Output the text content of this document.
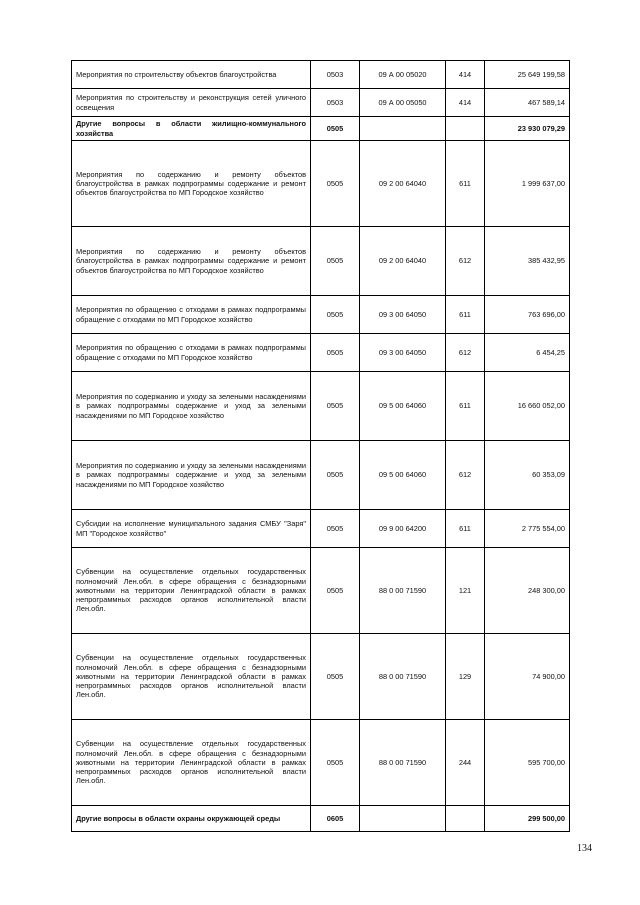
Мероприятия по строительству объектов благоустройства	0503	09 А 00 05020	414	25 649 199,58
Мероприятия по строительству и реконструкция сетей уличного освещения	0503	09 А 00 05050	414	467 589,14
Другие вопросы в области жилищно-коммунального хозяйства	0505			23 930 079,29
Мероприятия по содержанию и ремонту объектов благоустройства в рамках подпрограммы содержание и ремонт объектов благоустройства по МП Городское хозяйство	0505	09 2 00 64040	611	1 999 637,00
Мероприятия по содержанию и ремонту объектов благоустройства в рамках подпрограммы содержание и ремонт объектов благоустройства по МП Городское хозяйство	0505	09 2 00 64040	612	385 432,95
Мероприятия по обращению с отходами в рамках подпрограммы обращение с отходами по МП Городское хозяйство	0505	09 3 00 64050	611	763 696,00
Мероприятия по обращению с отходами в рамках подпрограммы обращение с отходами по МП Городское хозяйство	0505	09 3 00 64050	612	6 454,25
Мероприятия по содержанию и уходу за зелеными насаждениями в рамках подпрограммы содержание и уход за зелеными насаждениями по МП Городское хозяйство	0505	09 5 00 64060	611	16 660 052,00
Мероприятия по содержанию и уходу за зелеными насаждениями в рамках подпрограммы содержание и уход за зелеными насаждениями по МП Городское хозяйство	0505	09 5 00 64060	612	60 353,09
Субсидии на исполнение муниципального задания СМБУ "Заря" МП "Городское хозяйство"	0505	09 9 00 64200	611	2 775 554,00
Субвенции на осуществление отдельных государственных полномочий Лен.обл. в сфере обращения с безнадзорными животными на территории Ленинградской области в рамках непрограммных расходов органов исполнительной власти Лен.обл.	0505	88 0 00 71590	121	248 300,00
Субвенции на осуществление отдельных государственных полномочий Лен.обл. в сфере обращения с безнадзорными животными на территории Ленинградской области в рамках непрограммных расходов органов исполнительной власти Лен.обл.	0505	88 0 00 71590	129	74 900,00
Субвенции на осуществление отдельных государственных полномочий Лен.обл. в сфере обращения с безнадзорными животными на территории Ленинградской области в рамках непрограммных расходов органов исполнительной власти Лен.обл.	0505	88 0 00 71590	244	595 700,00
Другие вопросы в области охраны окружающей среды	0605			299 500,00
134
